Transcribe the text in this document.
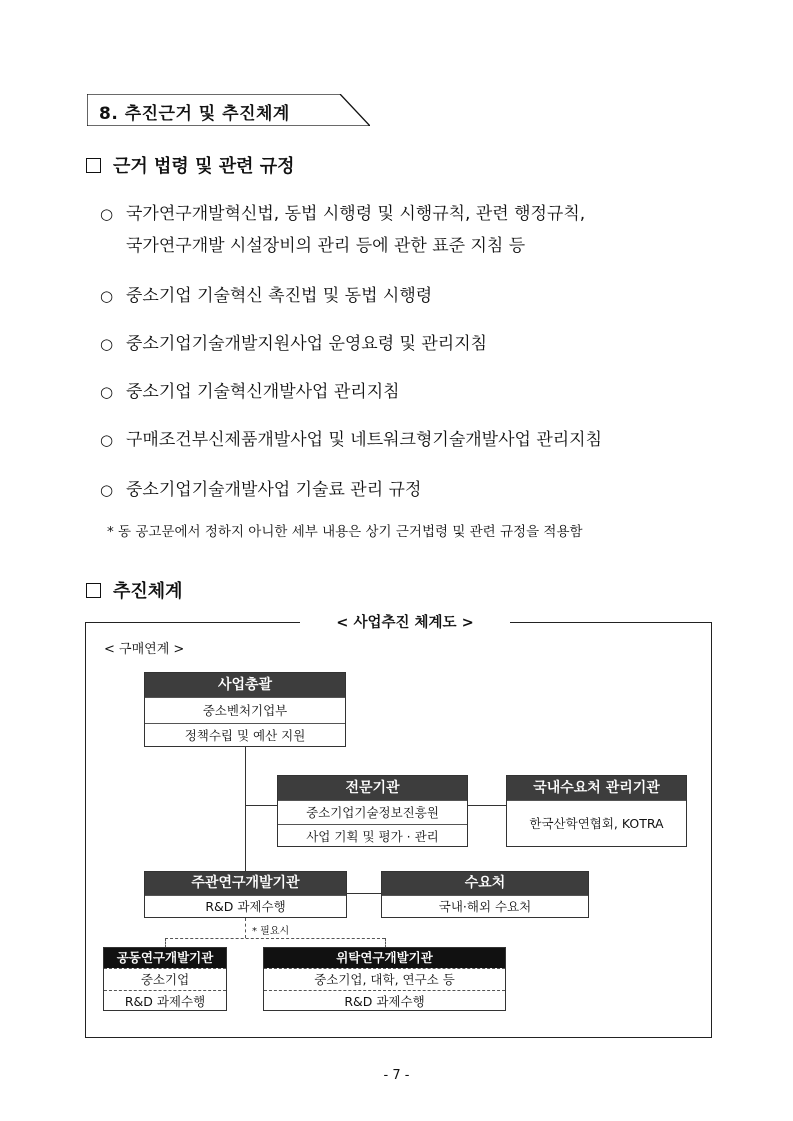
8. 추진근거 및 추진체계
근거 법령 및 관련 규정
○ 국가연구개발혁신법, 동법 시행령 및 시행규칙, 관련 행정규칙,
국가연구개발 시설장비의 관리 등에 관한 표준 지침 등
○ 중소기업 기술혁신 촉진법 및 동법 시행령
○ 중소기업기술개발지원사업 운영요령 및 관리지침
○ 중소기업 기술혁신개발사업 관리지침
○ 구매조건부신제품개발사업 및 네트워크형기술개발사업 관리지침
○ 중소기업기술개발사업 기술료 관리 규정
* 동 공고문에서 정하지 아니한 세부 내용은 상기 근거법령 및 관련 규정을 적용함
추진체계
< 사업추진 체계도 >
< 구매연계 >
* 필요시
사업총괄
중소벤처기업부
정책수립 및 예산 지원
전문기관
중소기업기술정보진흥원
사업 기획 및 평가 · 관리
국내수요처 관리기관
한국산학연협회, KOTRA
주관연구개발기관
R&D 과제수행
수요처
국내·해외 수요처
공동연구개발기관
중소기업
R&D 과제수행
위탁연구개발기관
중소기업, 대학, 연구소 등
R&D 과제수행
- 7 -
